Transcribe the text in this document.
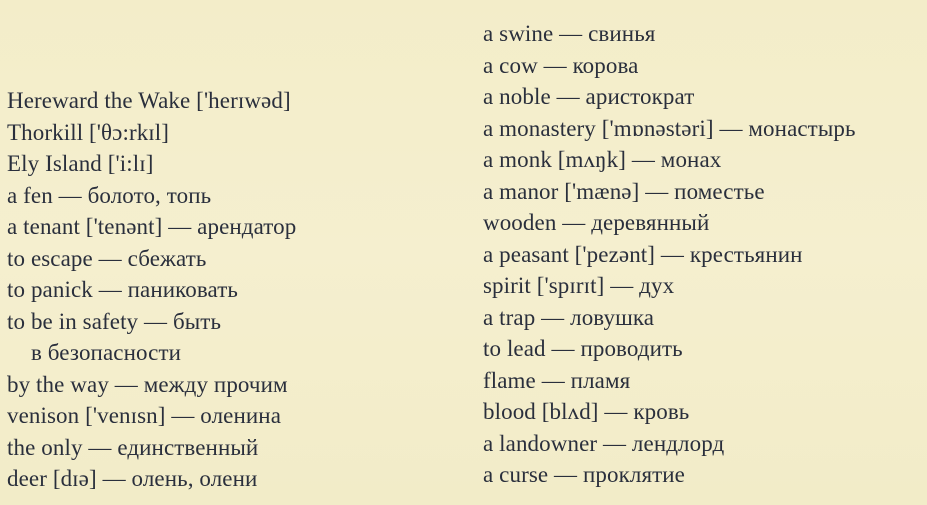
Hereward the Wake ['herɪwəd]
Thorkill ['θɔ:rkɪl]
Ely Island ['i:lɪ]
a fen — болото, топь
a tenant ['tenənt] — арендатор
to escape — сбежать
to panick — паниковать
to be in safety — быть
в безопасности
by the way — между прочим
venison ['venɪsn] — оленина
the only — единственный
deer [dɪə] — олень, олени
a swine — свинья
a cow — корова
a noble — аристократ
a monastery ['mɒnəstəri] — монастырь
a monk [mʌŋk] — монах
a manor ['mænə] — поместье
wooden — деревянный
a peasant ['pezənt] — крестьянин
spirit ['spɪrɪt] — дух
a trap — ловушка
to lead — проводить
flame — пламя
blood [blʌd] — кровь
a landowner — лендлорд
a curse — проклятие
